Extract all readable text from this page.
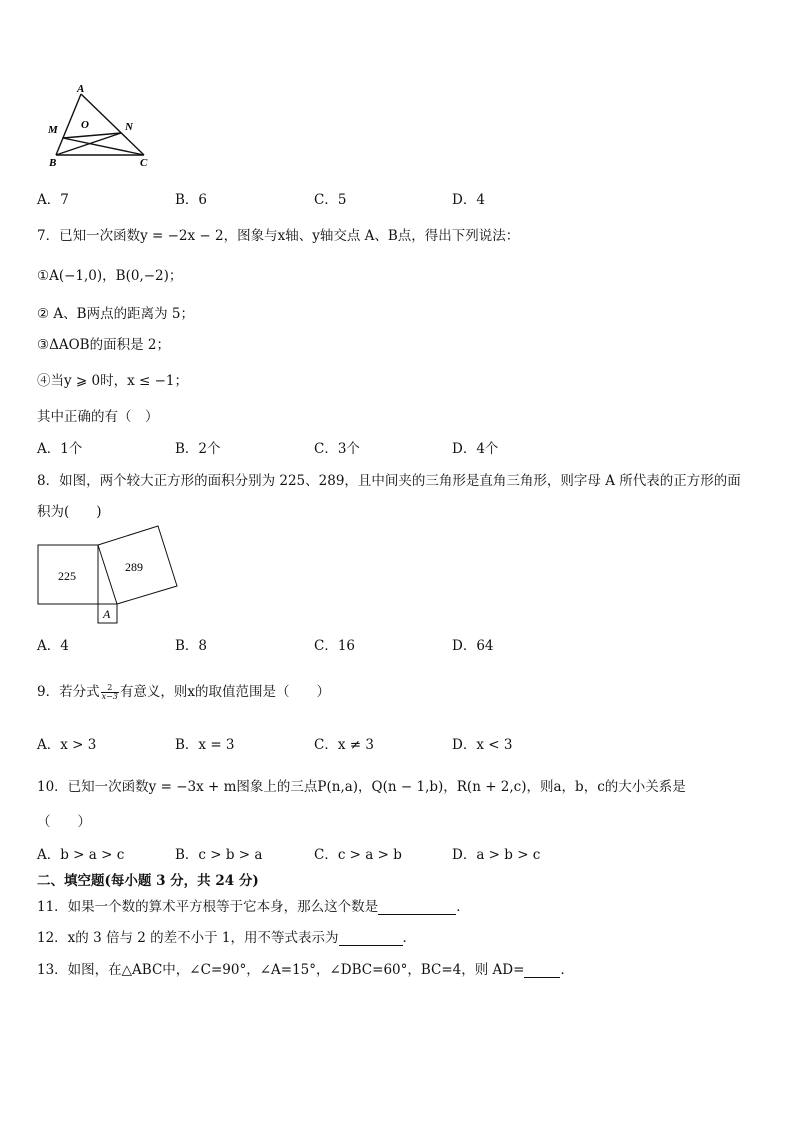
A
M O	N
B	C
A．7	B．6	C．5	D．4
7．已知一次函数y = −2x − 2，图象与x轴、y轴交点 A、B点，得出下列说法：
①A(−1,0)，B(0,−2)；
② A、B两点的距离为 5；
③ΔAOB的面积是 2；
④当y ⩾ 0时，x ≤ −1；
其中正确的有（　）
A．1个	B．2个	C．3个	D．4个
8．如图，两个较大正方形的面积分别为 225、289，且中间夹的三角形是直角三角形，则字母 A 所代表的正方形的面
积为(　　)
225
289
A
A．4	B．8	C．16	D．64
9．若分式 $\frac{2}{x-3}$ 有意义，则x的取值范围是（　　）
A．x > 3	B．x = 3	C．x ≠ 3	D．x < 3
10．已知一次函数y = −3x + m图象上的三点P(n,a)，Q(n − 1,b)，R(n + 2,c)，则a，b，c的大小关系是
（　　）
A．b > a > c	B．c > b > a	C．c > a > b	D．a > b > c
二、填空题(每小题 3 分，共 24 分)
11．如果一个数的算术平方根等于它本身，那么这个数是	．
12．x的 3 倍与 2 的差不小于 1，用不等式表示为	．
13．如图，在△ABC中，∠C=90°，∠A=15°，∠DBC=60°，BC=4，则 AD=	．
